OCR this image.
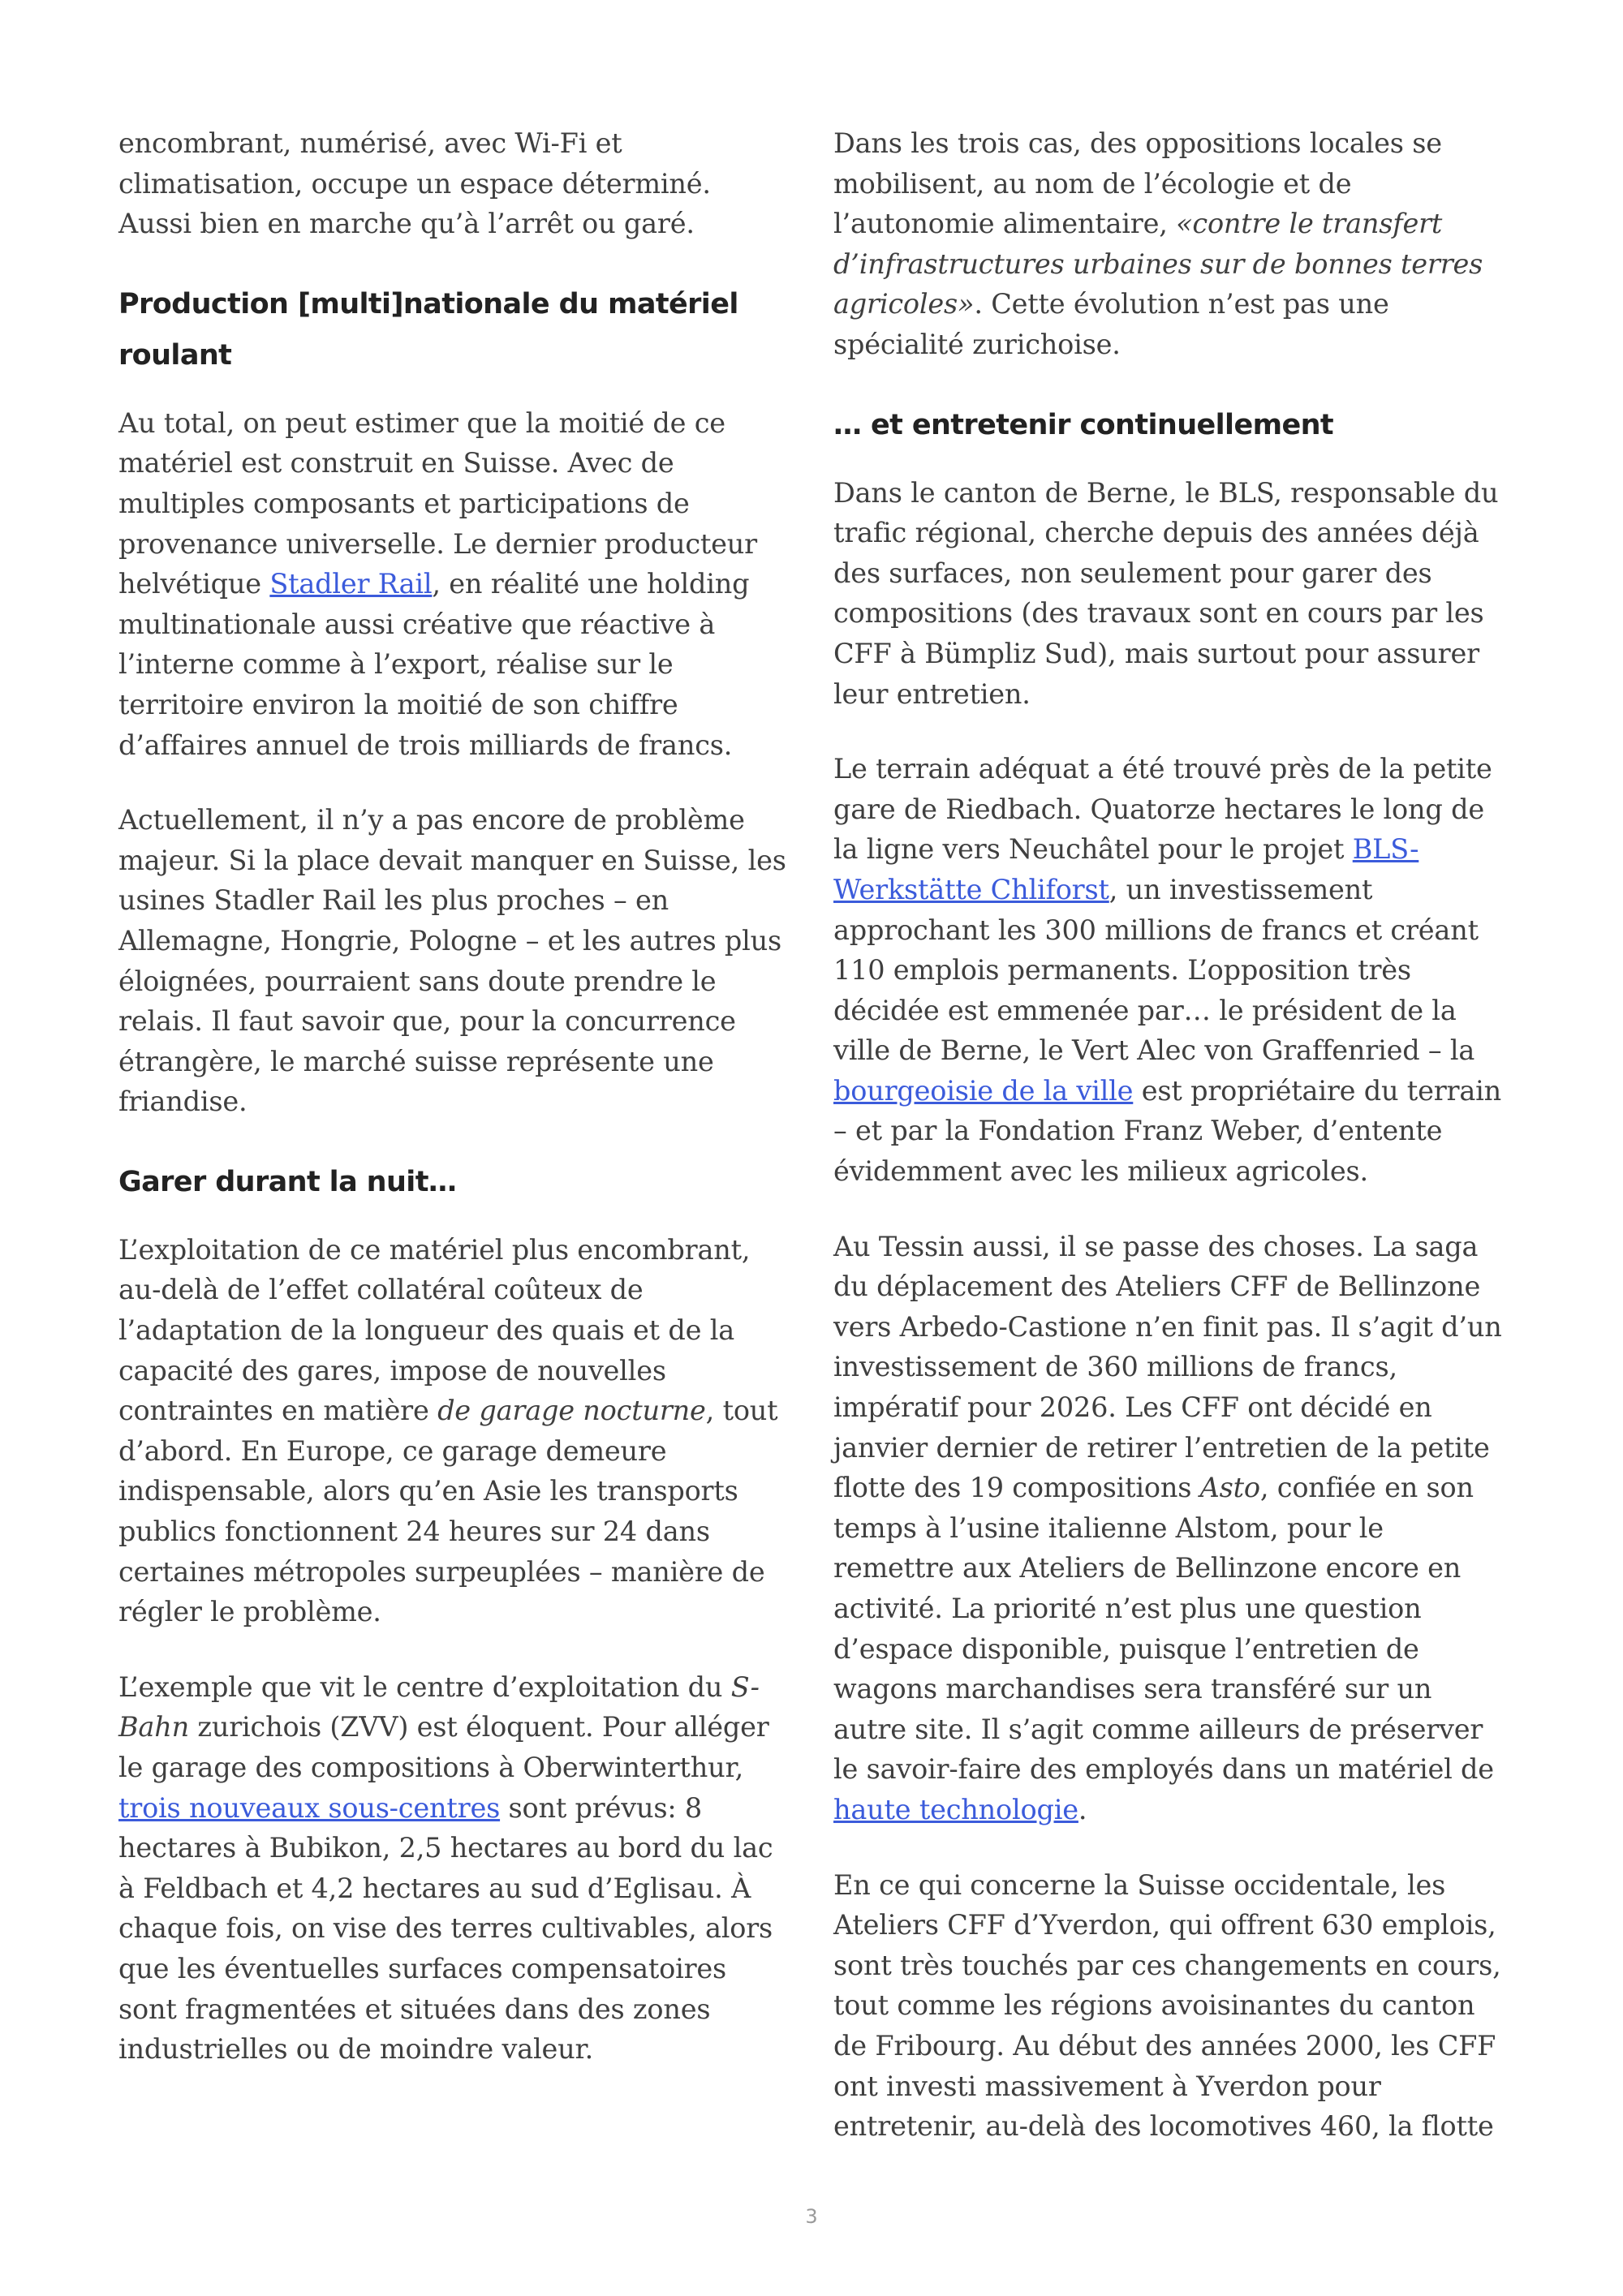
encombrant, numérisé, avec Wi-Fi et climatisation, occupe un espace déterminé. Aussi bien en marche qu’à l’arrêt ou garé.

Production [multi]nationale du matériel roulant

Au total, on peut estimer que la moitié de ce matériel est construit en Suisse. Avec de multiples composants et participations de provenance universelle. Le dernier producteur helvétique Stadler Rail, en réalité une holding multinationale aussi créative que réactive à l’interne comme à l’export, réalise sur le territoire environ la moitié de son chiffre d’affaires annuel de trois milliards de francs.

Actuellement, il n’y a pas encore de problème majeur. Si la place devait manquer en Suisse, les usines Stadler Rail les plus proches – en Allemagne, Hongrie, Pologne – et les autres plus éloignées, pourraient sans doute prendre le relais. Il faut savoir que, pour la concurrence étrangère, le marché suisse représente une friandise.

Garer durant la nuit…

L’exploitation de ce matériel plus encombrant, au-delà de l’effet collatéral coûteux de l’adaptation de la longueur des quais et de la capacité des gares, impose de nouvelles contraintes en matière de garage nocturne, tout d’abord. En Europe, ce garage demeure indispensable, alors qu’en Asie les transports publics fonctionnent 24 heures sur 24 dans certaines métropoles surpeuplées – manière de régler le problème.

L’exemple que vit le centre d’exploitation du S-Bahn zurichois (ZVV) est éloquent. Pour alléger le garage des compositions à Oberwinterthur, trois nouveaux sous-centres sont prévus: 8 hectares à Bubikon, 2,5 hectares au bord du lac à Feldbach et 4,2 hectares au sud d’Eglisau. À chaque fois, on vise des terres cultivables, alors que les éventuelles surfaces compensatoires sont fragmentées et situées dans des zones industrielles ou de moindre valeur.

Dans les trois cas, des oppositions locales se mobilisent, au nom de l’écologie et de l’autonomie alimentaire, «contre le transfert d’infrastructures urbaines sur de bonnes terres agricoles». Cette évolution n’est pas une spécialité zurichoise.

… et entretenir continuellement

Dans le canton de Berne, le BLS, responsable du trafic régional, cherche depuis des années déjà des surfaces, non seulement pour garer des compositions (des travaux sont en cours par les CFF à Bümpliz Sud), mais surtout pour assurer leur entretien.

Le terrain adéquat a été trouvé près de la petite gare de Riedbach. Quatorze hectares le long de la ligne vers Neuchâtel pour le projet BLS-Werkstätte Chliforst, un investissement approchant les 300 millions de francs et créant 110 emplois permanents. L’opposition très décidée est emmenée par… le président de la ville de Berne, le Vert Alec von Graffenried – la bourgeoisie de la ville est propriétaire du terrain – et par la Fondation Franz Weber, d’entente évidemment avec les milieux agricoles.

Au Tessin aussi, il se passe des choses. La saga du déplacement des Ateliers CFF de Bellinzone vers Arbedo-Castione n’en finit pas. Il s’agit d’un investissement de 360 millions de francs, impératif pour 2026. Les CFF ont décidé en janvier dernier de retirer l’entretien de la petite flotte des 19 compositions Asto, confiée en son temps à l’usine italienne Alstom, pour le remettre aux Ateliers de Bellinzone encore en activité. La priorité n’est plus une question d’espace disponible, puisque l’entretien de wagons marchandises sera transféré sur un autre site. Il s’agit comme ailleurs de préserver le savoir-faire des employés dans un matériel de haute technologie.

En ce qui concerne la Suisse occidentale, les Ateliers CFF d’Yverdon, qui offrent 630 emplois, sont très touchés par ces changements en cours, tout comme les régions avoisinantes du canton de Fribourg. Au début des années 2000, les CFF ont investi massivement à Yverdon pour entretenir, au-delà des locomotives 460, la flotte

3
